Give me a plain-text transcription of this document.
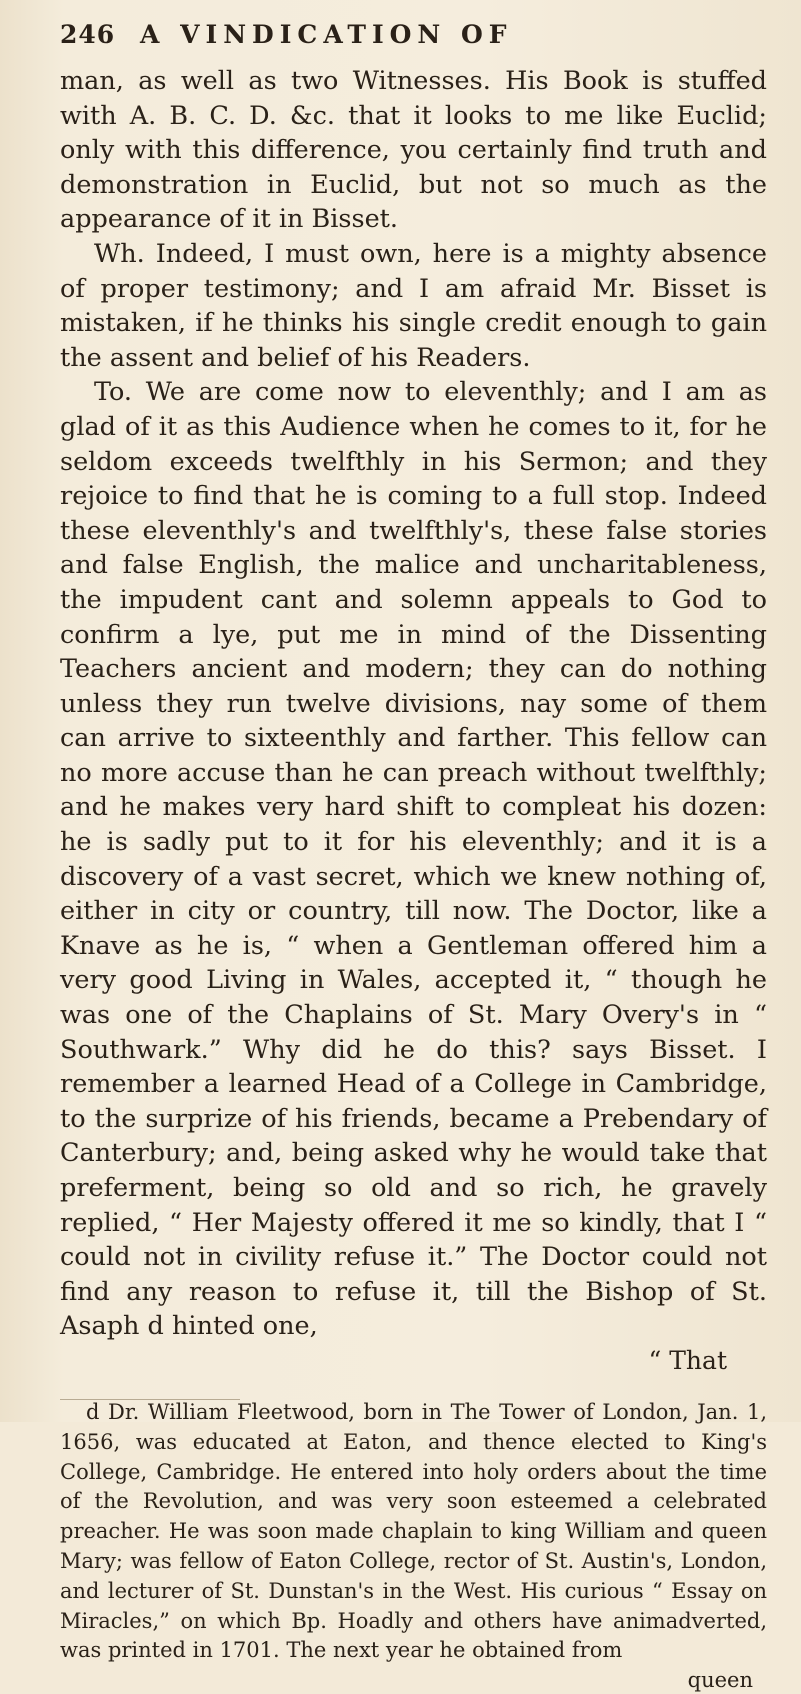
246 A VINDICATION OF

man, as well as two Witnesses. His Book is stuffed with A. B. C. D. &c. that it looks to me like Euclid; only with this difference, you certainly find truth and demonstration in Euclid, but not so much as the appearance of it in Bisset.

Wh. Indeed, I must own, here is a mighty absence of proper testimony; and I am afraid Mr. Bisset is mistaken, if he thinks his single credit enough to gain the assent and belief of his Readers.

To. We are come now to eleventhly; and I am as glad of it as this Audience when he comes to it, for he seldom exceeds twelfthly in his Sermon; and they rejoice to find that he is coming to a full stop. Indeed these eleventhly's and twelfthly's, these false stories and false English, the malice and uncharitableness, the impudent cant and solemn appeals to God to confirm a lye, put me in mind of the Dissenting Teachers ancient and modern; they can do nothing unless they run twelve divisions, nay some of them can arrive to sixteenthly and farther. This fellow can no more accuse than he can preach without twelfthly; and he makes very hard shift to compleat his dozen: he is sadly put to it for his eleventhly; and it is a discovery of a vast secret, which we knew nothing of, either in city or country, till now. The Doctor, like a Knave as he is, “ when a Gentleman offered him a very good Living in Wales, accepted it, “ though he was one of the Chaplains of St. Mary Overy's in “ Southwark.” Why did he do this? says Bisset. I remember a learned Head of a College in Cambridge, to the surprize of his friends, became a Prebendary of Canterbury; and, being asked why he would take that preferment, being so old and so rich, he gravely replied, “ Her Majesty offered it me so kindly, that I “ could not in civility refuse it.” The Doctor could not find any reason to refuse it, till the Bishop of St. Asaph d hinted one,

“ That

d Dr. William Fleetwood, born in The Tower of London, Jan. 1, 1656, was educated at Eaton, and thence elected to King's College, Cambridge. He entered into holy orders about the time of the Revolution, and was very soon esteemed a celebrated preacher. He was soon made chaplain to king William and queen Mary; was fellow of Eaton College, rector of St. Austin's, London, and lecturer of St. Dunstan's in the West. His curious “ Essay on Miracles,” on which Bp. Hoadly and others have animadverted, was printed in 1701. The next year he obtained from

queen
